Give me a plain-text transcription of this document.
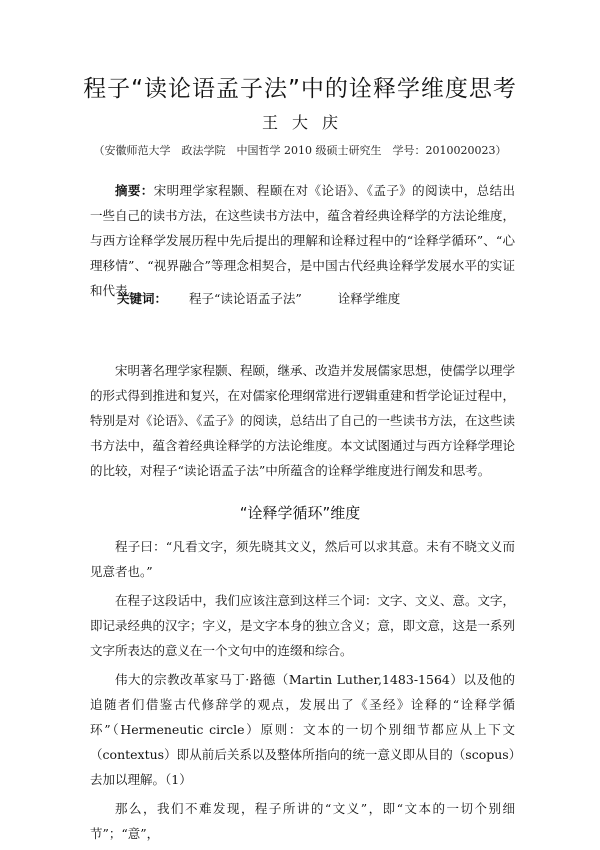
程子“读论语孟子法”中的诠释学维度思考
王大庆
（安徽师范大学　政法学院　中国哲学 2010 级硕士研究生　学号：2010020023）
摘要：宋明理学家程颢、程颐在对《论语》、《孟子》的阅读中，总结出一些自己的读书方法，在这些读书方法中，蕴含着经典诠释学的方法论维度，与西方诠释学发展历程中先后提出的理解和诠释过程中的“诠释学循环”、“心理移情”、“视界融合”等理念相契合，是中国古代经典诠释学发展水平的实证和代表。
关键词： 程子“读论语孟子法”	诠释学维度
宋明著名理学家程颢、程颐，继承、改造并发展儒家思想，使儒学以理学的形式得到推进和复兴，在对儒家伦理纲常进行逻辑重建和哲学论证过程中，特别是对《论语》、《孟子》的阅读，总结出了自己的一些读书方法，在这些读书方法中，蕴含着经典诠释学的方法论维度。本文试图通过与西方诠释学理论的比较，对程子“读论语孟子法”中所蕴含的诠释学维度进行阐发和思考。
“诠释学循环”维度

程子曰：“凡看文字，须先晓其文义，然后可以求其意。未有不晓文义而见意者也。”

在程子这段话中，我们应该注意到这样三个词：文字、文义、意。文字，即记录经典的汉字；字义，是文字本身的独立含义；意，即文意，这是一系列文字所表达的意义在一个文句中的连缀和综合。

伟大的宗教改革家马丁·路德（Martin Luther,1483-1564）以及他的追随者们借鉴古代修辞学的观点，发展出了《圣经》诠释的“诠释学循环”（Hermeneutic circle）原则：文本的一切个别细节都应从上下文（contextus）即从前后关系以及整体所指向的统一意义即从目的（scopus）去加以理解。（1）

那么，我们不难发现，程子所讲的“文义”，即“文本的一切个别细节”；“意”，
